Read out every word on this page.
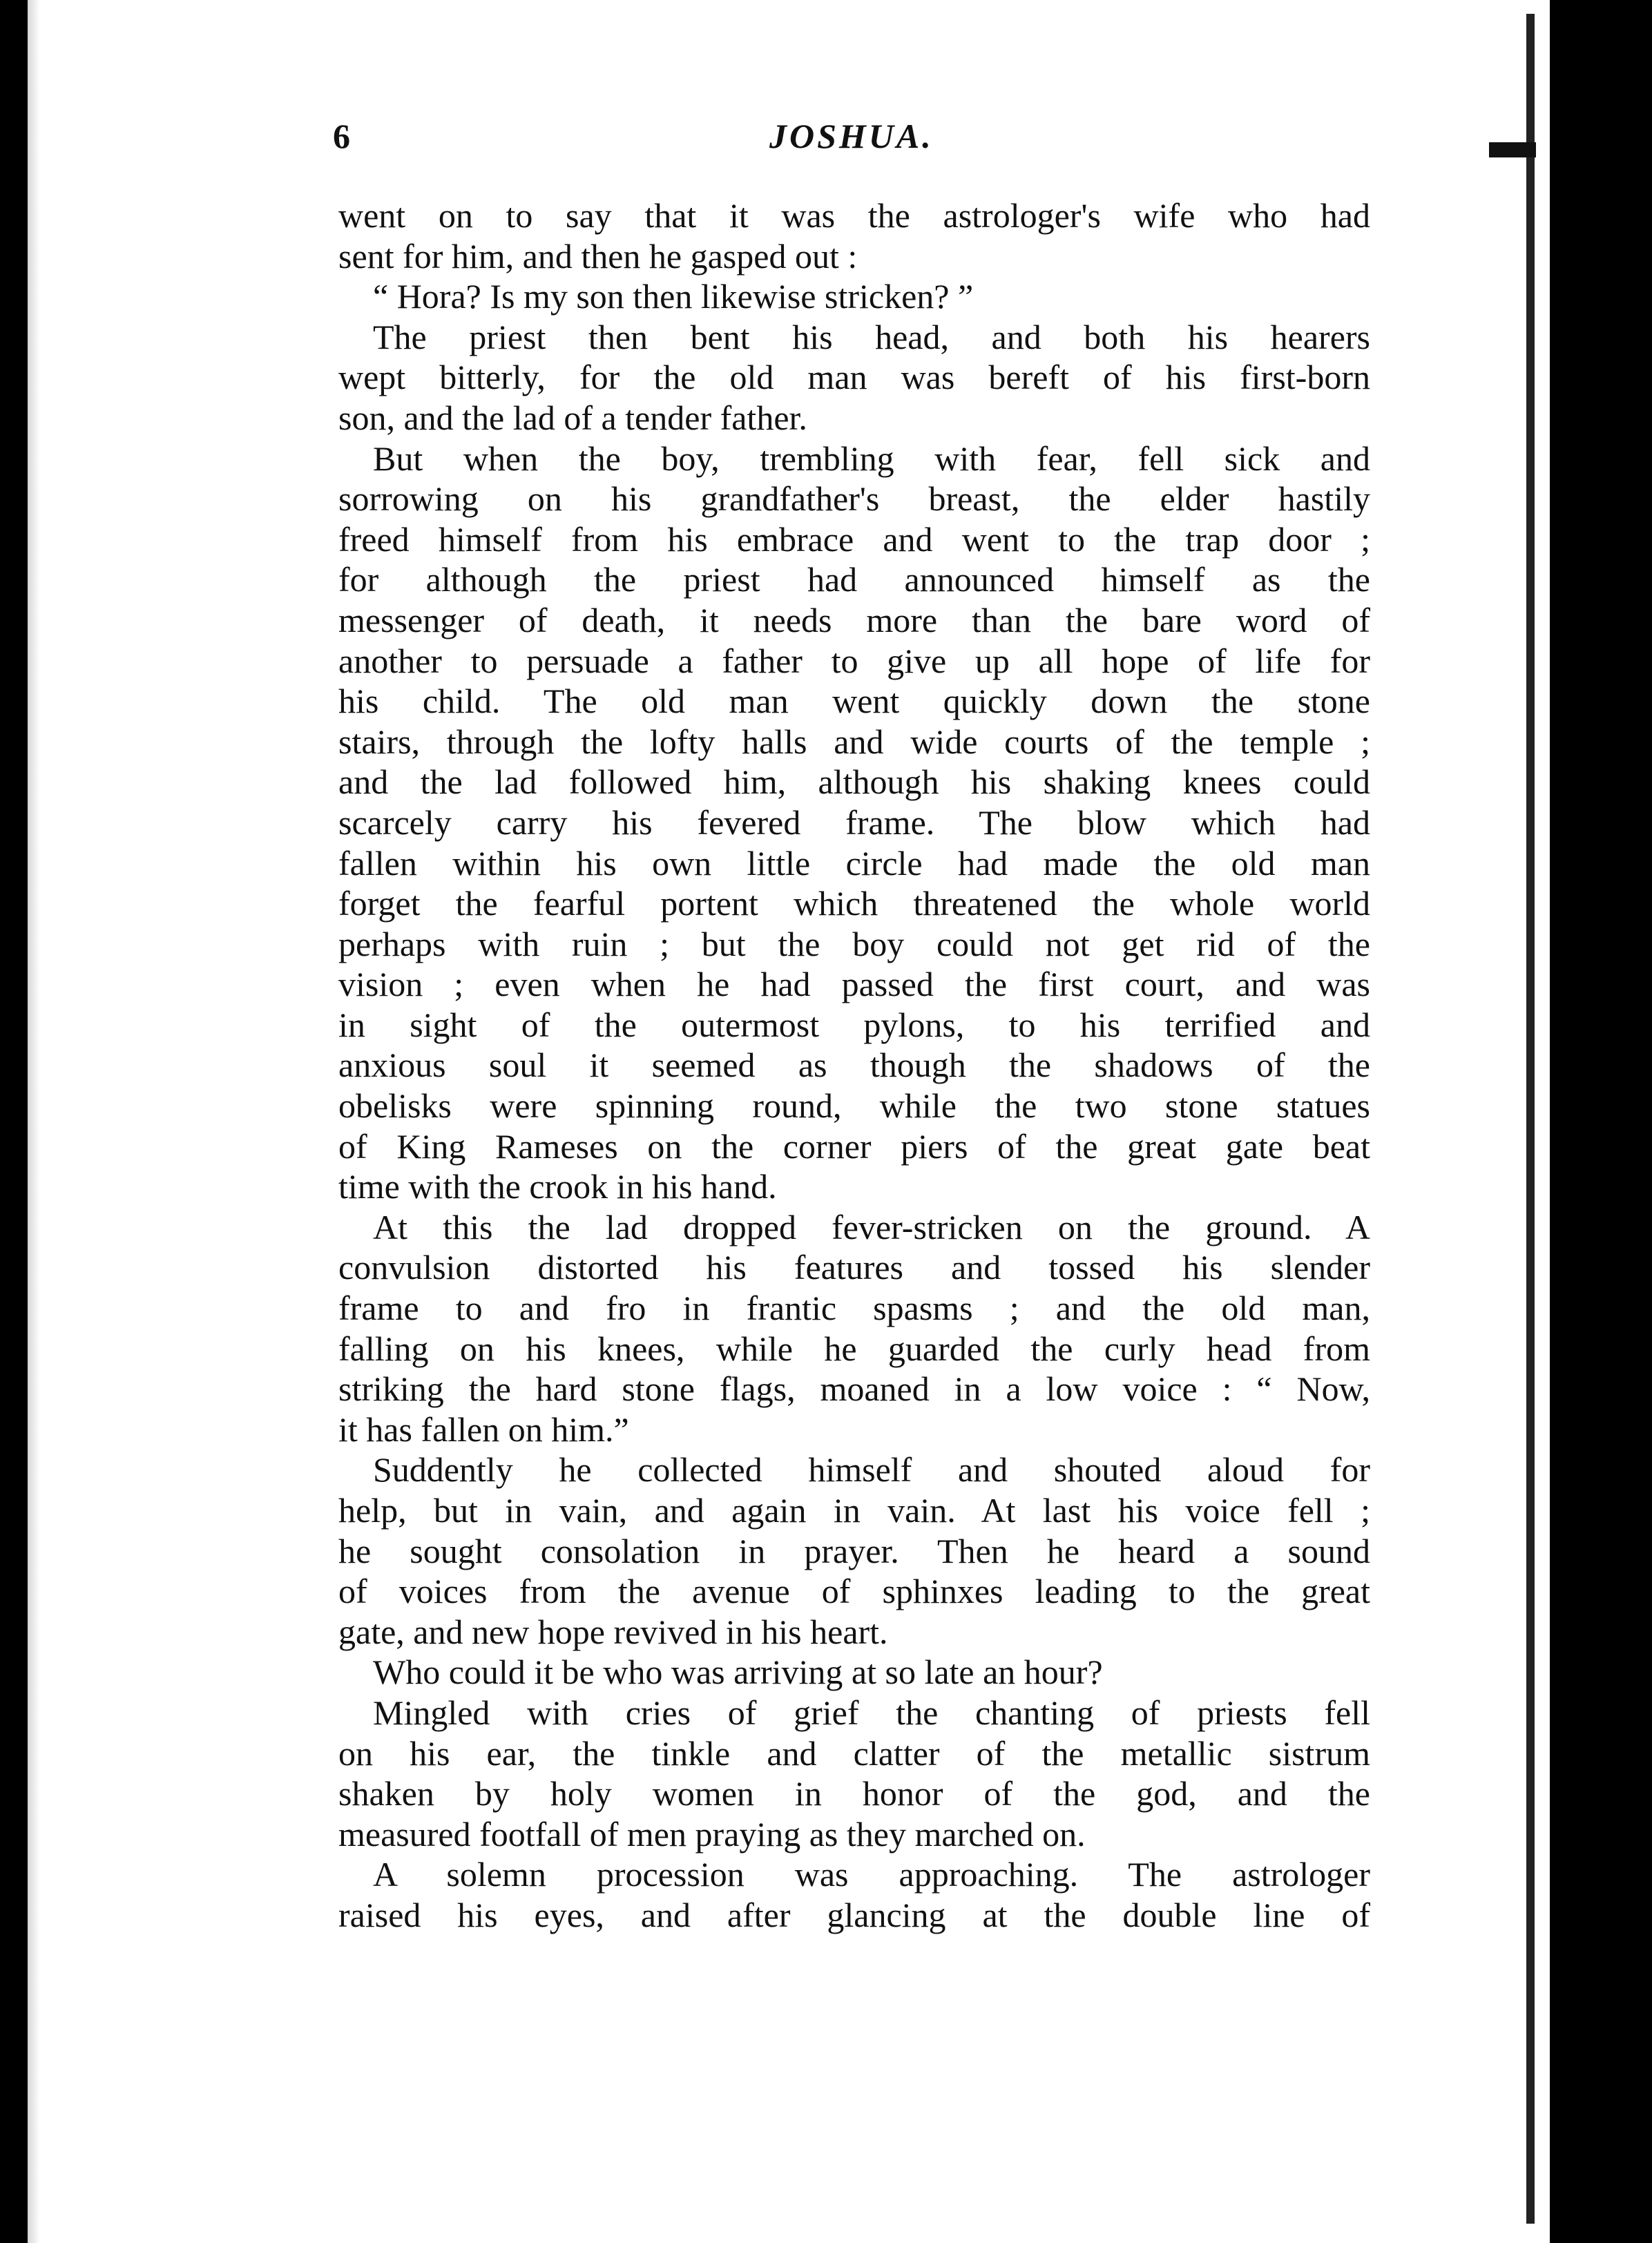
6	JOSHUA.
went on to say that it was the astrologer's wife who had
sent for him, and then he gasped out :
“ Hora? Is my son then likewise stricken? ”
The priest then bent his head, and both his hearers
wept bitterly, for the old man was bereft of his first-born
son, and the lad of a tender father.
But when the boy, trembling with fear, fell sick and
sorrowing on his grandfather's breast, the elder hastily
freed himself from his embrace and went to the trap door ;
for although the priest had announced himself as the
messenger of death, it needs more than the bare word of
another to persuade a father to give up all hope of life for
his child. The old man went quickly down the stone
stairs, through the lofty halls and wide courts of the temple ;
and the lad followed him, although his shaking knees could
scarcely carry his fevered frame. The blow which had
fallen within his own little circle had made the old man
forget the fearful portent which threatened the whole world
perhaps with ruin ; but the boy could not get rid of the
vision ; even when he had passed the first court, and was
in sight of the outermost pylons, to his terrified and
anxious soul it seemed as though the shadows of the
obelisks were spinning round, while the two stone statues
of King Rameses on the corner piers of the great gate beat
time with the crook in his hand.
At this the lad dropped fever-stricken on the ground. A
convulsion distorted his features and tossed his slender
frame to and fro in frantic spasms ; and the old man,
falling on his knees, while he guarded the curly head from
striking the hard stone flags, moaned in a low voice : “ Now,
it has fallen on him.”
Suddently he collected himself and shouted aloud for
help, but in vain, and again in vain. At last his voice fell ;
he sought consolation in prayer. Then he heard a sound
of voices from the avenue of sphinxes leading to the great
gate, and new hope revived in his heart.
Who could it be who was arriving at so late an hour?
Mingled with cries of grief the chanting of priests fell
on his ear, the tinkle and clatter of the metallic sistrum
shaken by holy women in honor of the god, and the
measured footfall of men praying as they marched on.
A solemn procession was approaching. The astrologer
raised his eyes, and after glancing at the double line of
